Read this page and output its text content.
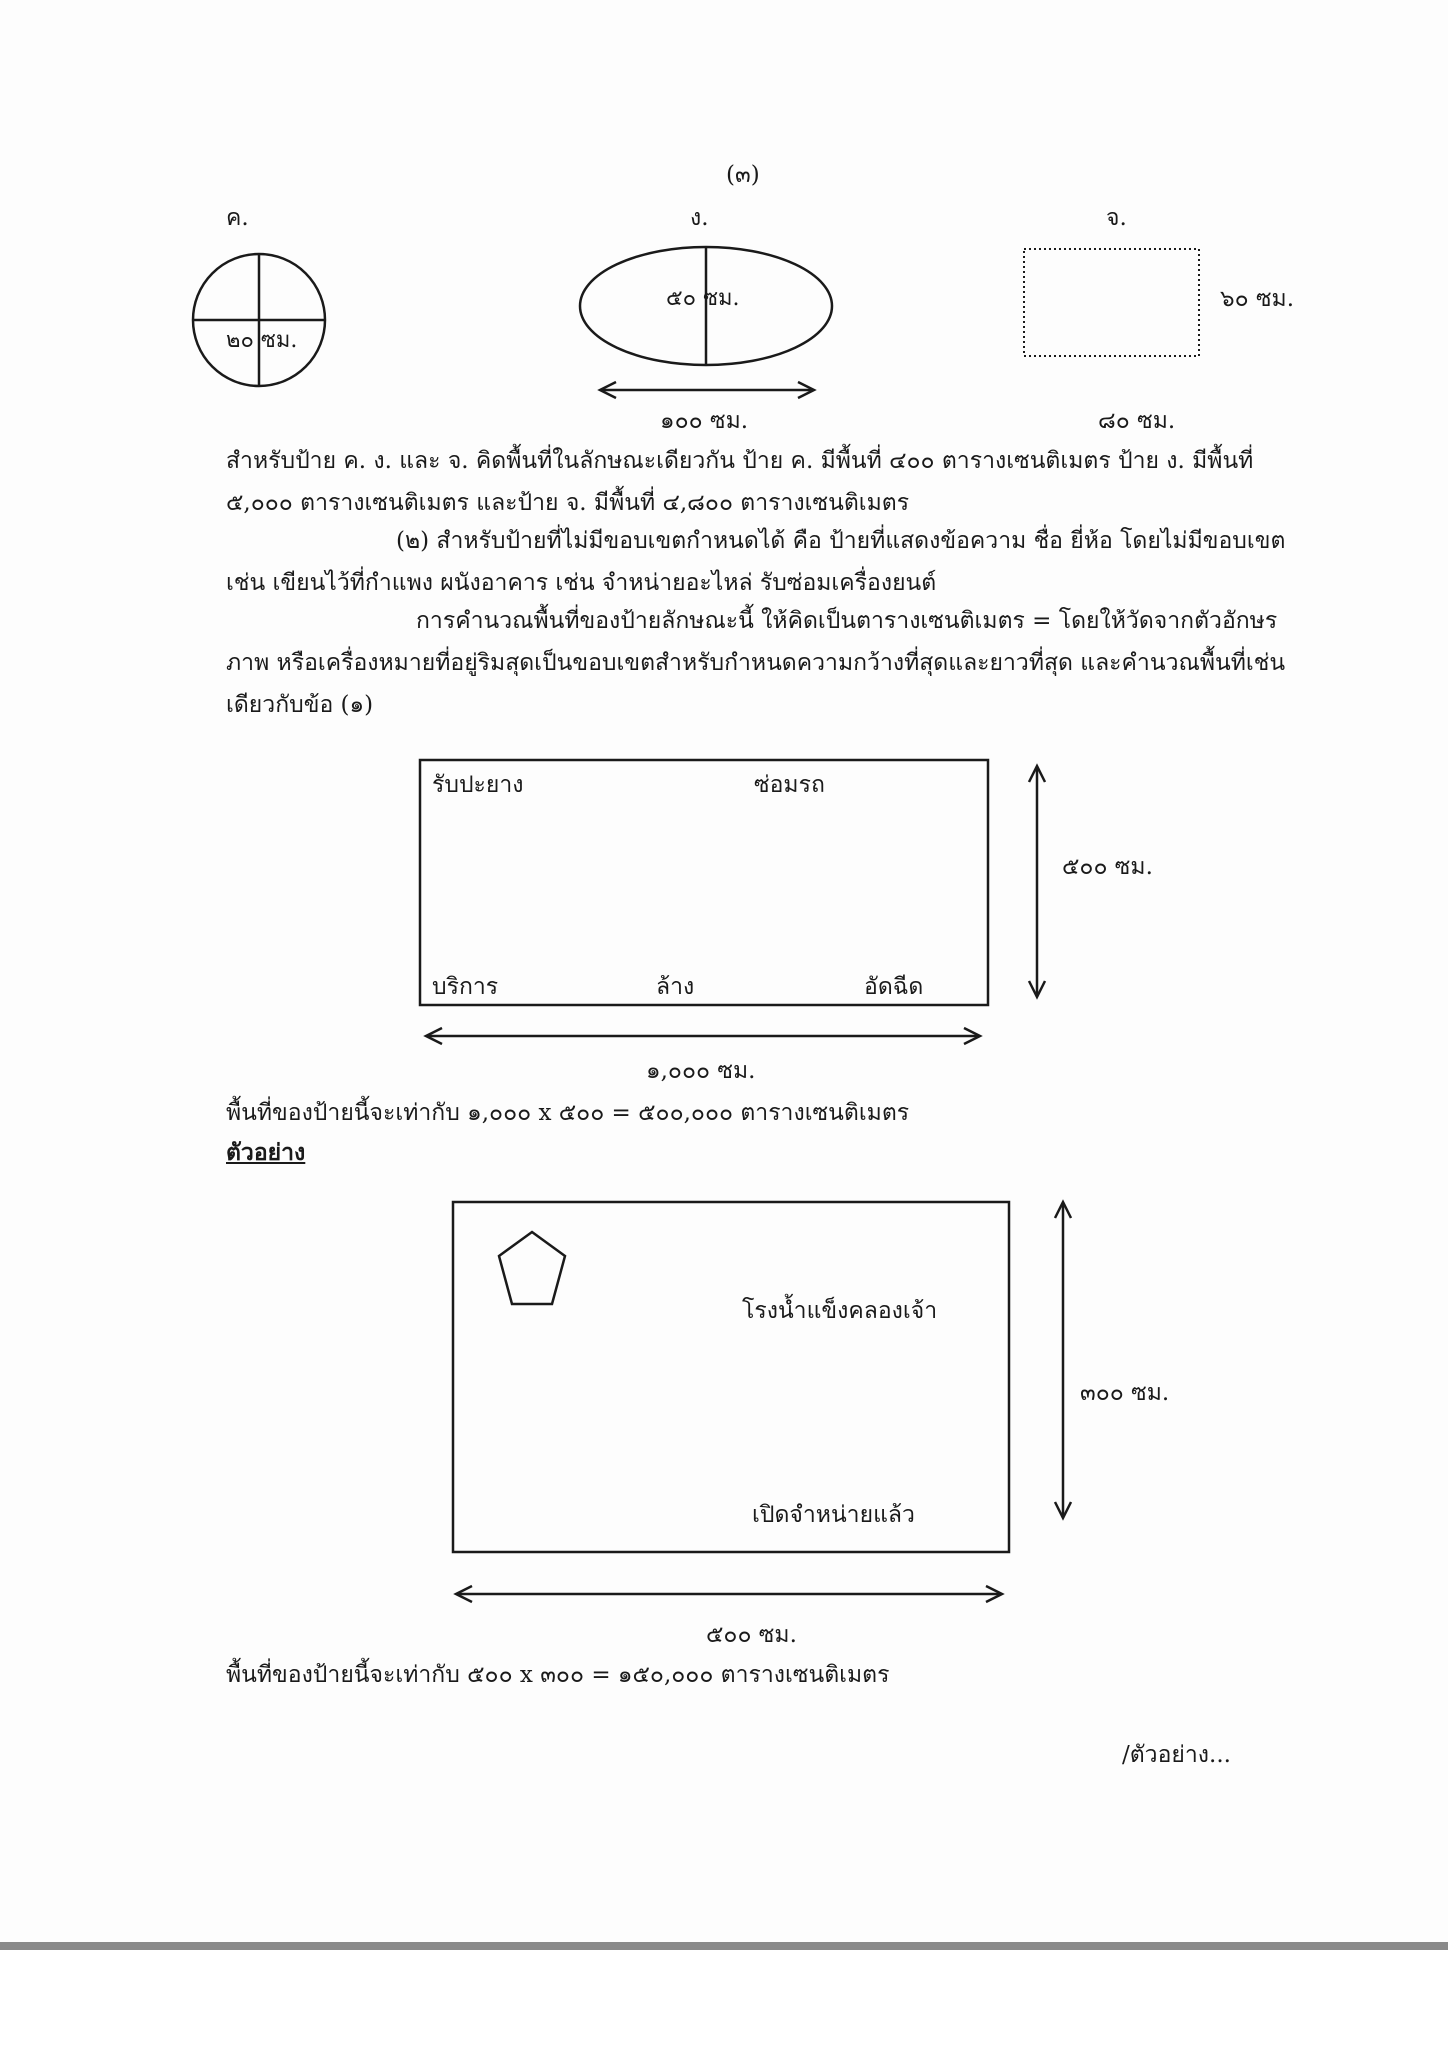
(๓)
ค.	ง.	จ.
๒๐ ซม.
๕๐ ซม.
๑๐๐ ซม.
๖๐ ซม.
๘๐ ซม.

สำหรับป้าย ค. ง. และ จ. คิดพื้นที่ในลักษณะเดียวกัน ป้าย ค. มีพื้นที่ ๔๐๐ ตารางเซนติเมตร ป้าย ง. มีพื้นที่ ๕,๐๐๐ ตารางเซนติเมตร และป้าย จ. มีพื้นที่ ๔,๘๐๐ ตารางเซนติเมตร

(๒) สำหรับป้ายที่ไม่มีขอบเขตกำหนดได้ คือ ป้ายที่แสดงข้อความ ชื่อ ยี่ห้อ โดยไม่มีขอบเขต เช่น เขียนไว้ที่กำแพง ผนังอาคาร เช่น จำหน่ายอะไหล่ รับซ่อมเครื่องยนต์

การคำนวณพื้นที่ของป้ายลักษณะนี้ ให้คิดเป็นตารางเซนติเมตร = โดยให้วัดจากตัวอักษร ภาพ หรือเครื่องหมายที่อยู่ริมสุดเป็นขอบเขตสำหรับกำหนดความกว้างที่สุดและยาวที่สุด และคำนวณพื้นที่เช่นเดียวกับข้อ (๑)

รับปะยาง	ซ่อมรถ
บริการ	ล้าง	อัดฉีด
๕๐๐ ซม.
๑,๐๐๐ ซม.
พื้นที่ของป้ายนี้จะเท่ากับ ๑,๐๐๐ x ๕๐๐ = ๕๐๐,๐๐๐ ตารางเซนติเมตร
ตัวอย่าง
โรงน้ำแข็งคลองเจ้า
เปิดจำหน่ายแล้ว
๓๐๐ ซม.
๕๐๐ ซม.
พื้นที่ของป้ายนี้จะเท่ากับ ๕๐๐ x ๓๐๐ = ๑๕๐,๐๐๐ ตารางเซนติเมตร
/ตัวอย่าง...
